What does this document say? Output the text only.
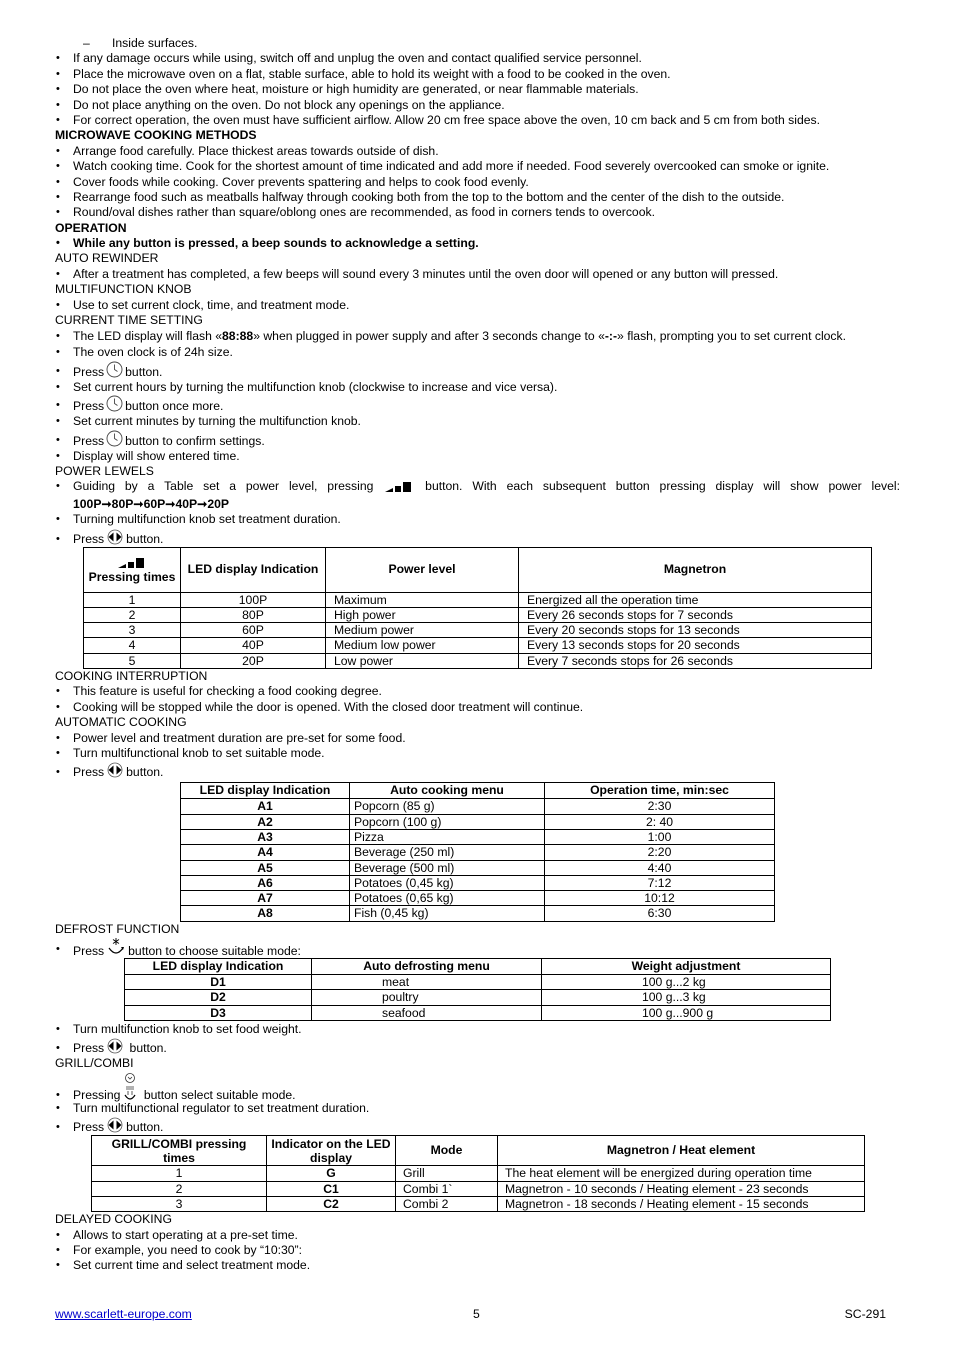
– Inside surfaces.
• If any damage occurs while using, switch off and unplug the oven and contact qualified service personnel.
• Place the microwave oven on a flat, stable surface, able to hold its weight with a food to be cooked in the oven.
• Do not place the oven where heat, moisture or high humidity are generated, or near flammable materials.
• Do not place anything on the oven. Do not block any openings on the appliance.
• For correct operation, the oven must have sufficient airflow. Allow 20 cm free space above the oven, 10 cm back and 5 cm from both sides.
MICROWAVE COOKING METHODS
• Arrange food carefully. Place thickest areas towards outside of dish.
• Watch cooking time. Cook for the shortest amount of time indicated and add more if needed. Food severely overcooked can smoke or ignite.
• Cover foods while cooking. Cover prevents spattering and helps to cook food evenly.
• Rearrange food such as meatballs halfway through cooking both from the top to the bottom and the center of the dish to the outside.
• Round/oval dishes rather than square/oblong ones are recommended, as food in corners tends to overcook.
OPERATION
• While any button is pressed, a beep sounds to acknowledge a setting.
AUTO REWINDER
• After a treatment has completed, a few beeps will sound every 3 minutes until the oven door will opened or any button will pressed.
MULTIFUNCTION KNOB
• Use to set current clock, time, and treatment mode.
CURRENT TIME SETTING
• The LED display will flash «88:88» when plugged in power supply and after 3 seconds change to «-:-» flash, prompting you to set current clock.
• The oven clock is of 24h size.
• Press button.
• Set current hours by turning the multifunction knob (clockwise to increase and vice versa).
• Press button once more.
• Set current minutes by turning the multifunction knob.
• Press button to confirm settings.
• Display will show entered time.
POWER LEWELS
• Guiding by a Table set a power level, pressing	button. With each subsequent button pressing display will show power level:
100P➞80P➞60P➞40P➞20P
• Turning multifunction knob set treatment duration.
• Press button.
Pressing times	LED display Indication	Power level	Magnetron
1	100P	Maximum	Energized all the operation time
2	80P	High power	Every 26 seconds stops for 7 seconds
3	60P	Medium power	Every 20 seconds stops for 13 seconds
4	40P	Medium low power	Every 13 seconds stops for 20 seconds
5	20P	Low power	Every 7 seconds stops for 26 seconds
COOKING INTERRUPTION
• This feature is useful for checking a food cooking degree.
• Cooking will be stopped while the door is opened. With the closed door treatment will continue.
AUTOMATIC COOKING
• Power level and treatment duration are pre-set for some food.
• Turn multifunctional knob to set suitable mode.
• Press button.
LED display Indication	Auto cooking menu	Operation time, min:sec
A1	Popcorn (85 g)	2:30
A2	Popcorn (100 g)	2: 40
A3	Pizza	1:00
A4	Beverage (250 ml)	2:20
A5	Beverage (500 ml)	4:40
A6	Potatoes (0,45 kg)	7:12
A7	Potatoes (0,65 kg)	10:12
A8	Fish (0,45 kg)	6:30
DEFROST FUNCTION
• Press button to choose suitable mode:
LED display Indication	Auto defrosting menu	Weight adjustment
D1	meat	100 g...2 kg
D2	poultry	100 g...3 kg
D3	seafood	100 g...900 g
• Turn multifunction knob to set food weight.
• Press button.
GRILL/COMBI
• Pressing button select suitable mode.
• Turn multifunctional regulator to set treatment duration.
• Press button.
GRILL/COMBI pressing times	Indicator on the LED display	Mode	Magnetron / Heat element
1	G	Grill	The heat element will be energized during operation time
2	C1	Combi 1`	Magnetron - 10 seconds / Heating element - 23 seconds
3	C2	Combi 2	Magnetron - 18 seconds / Heating element - 15 seconds
DELAYED COOKING
• Allows to start operating at a pre-set time.
• For example, you need to cook by “10:30”:
• Set current time and select treatment mode.
www.scarlett-europe.com	5	SC-291
